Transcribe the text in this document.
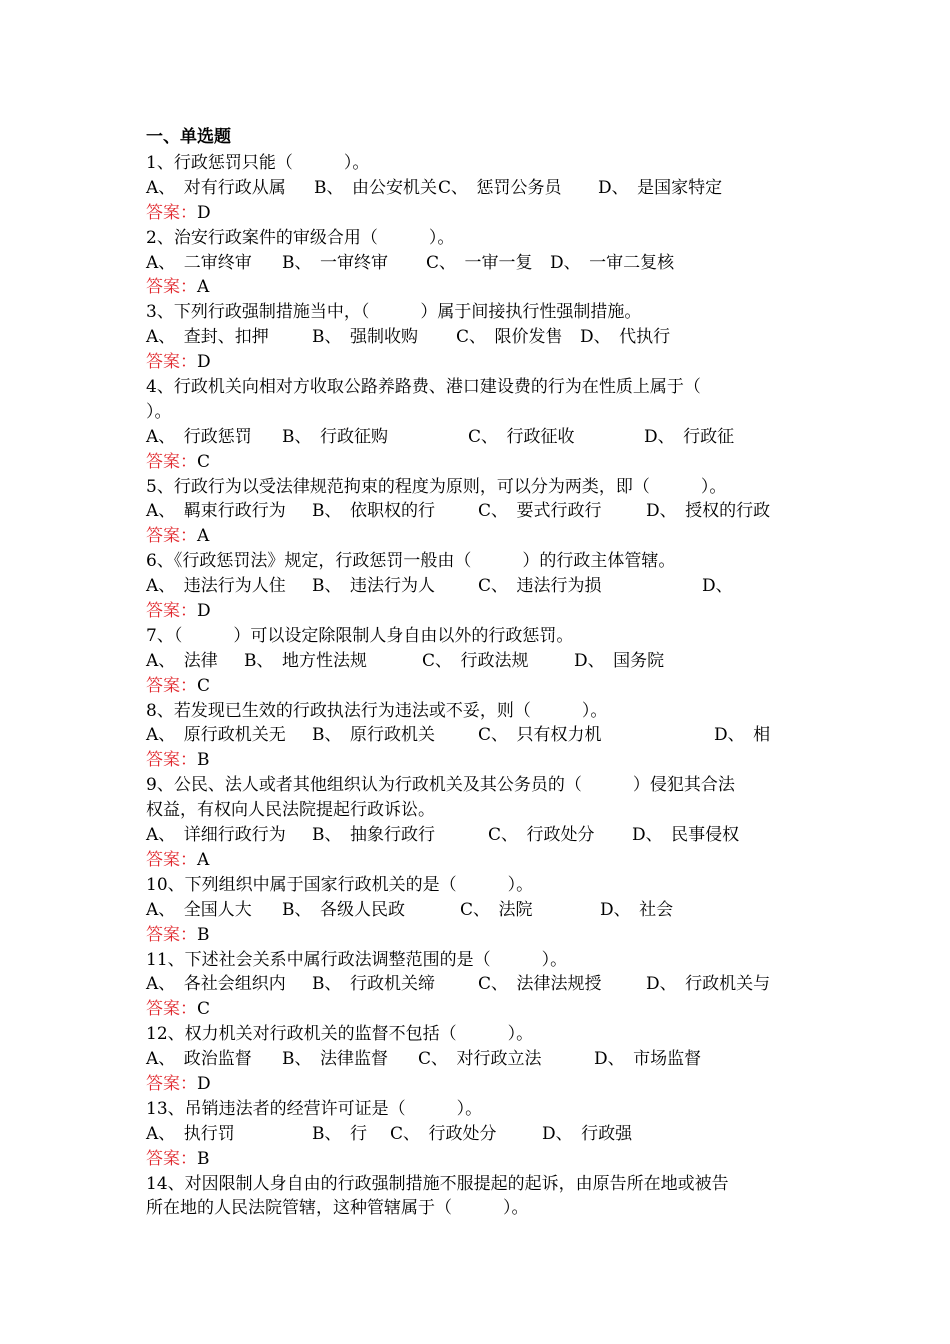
一、单选题
1、行政惩罚只能（　　　）。
A、　对有行政从属	B、　由公安机关 C、　惩罚公务员	D、　是国家特定
答案：D
2、治安行政案件的审级合用（　　　）。
A、　二审终审	B、　一审终审	C、　一审一复	D、　一审二复核
答案：A
3、下列行政强制措施当中，（　　　）属于间接执行性强制措施。
A、　查封、扣押	B、　强制收购	C、　限价发售	D、　代执行
答案：D
4、行政机关向相对方收取公路养路费、港口建设费的行为在性质上属于（
）。
A、　行政惩罚	B、　行政征购	C、　行政征收	D、　行政征
答案：C
5、行政行为以受法律规范拘束的程度为原则，可以分为两类，即（　　　）。
A、　羁束行政行为	B、　依职权的行	C、　要式行政行	D、　授权的行政
答案：A
6、《行政惩罚法》规定，行政惩罚一般由（　　　）的行政主体管辖。
A、　违法行为人住	B、　违法行为人	C、　违法行为损	D、
答案：D
7、（　　　）可以设定除限制人身自由以外的行政惩罚。
A、　法律	B、　地方性法规	C、　行政法规	D、　国务院
答案：C
8、若发现已生效的行政执法行为违法或不妥，则（　　　）。
A、　原行政机关无	B、　原行政机关	C、　只有权力机	D、　相
答案：B
9、公民、法人或者其他组织认为行政机关及其公务员的（　　　）侵犯其合法
权益，有权向人民法院提起行政诉讼。
A、　详细行政行为	B、　抽象行政行	C、　行政处分	D、　民事侵权
答案：A
10、下列组织中属于国家行政机关的是（　　　）。
A、　全国人大	B、　各级人民政	C、　法院	D、　社会
答案：B
11、下述社会关系中属行政法调整范围的是（　　　）。
A、　各社会组织内	B、　行政机关缔	C、　法律法规授	D、　行政机关与
答案：C
12、权力机关对行政机关的监督不包括（　　　）。
A、　政治监督	B、　法律监督	C、　对行政立法	D、　市场监督
答案：D
13、吊销违法者的经营许可证是（　　　）。
A、　执行罚	B、　行	C、　行政处分	D、　行政强
答案：B
14、对因限制人身自由的行政强制措施不服提起的起诉，由原告所在地或被告
所在地的人民法院管辖，这种管辖属于（　　　）。
